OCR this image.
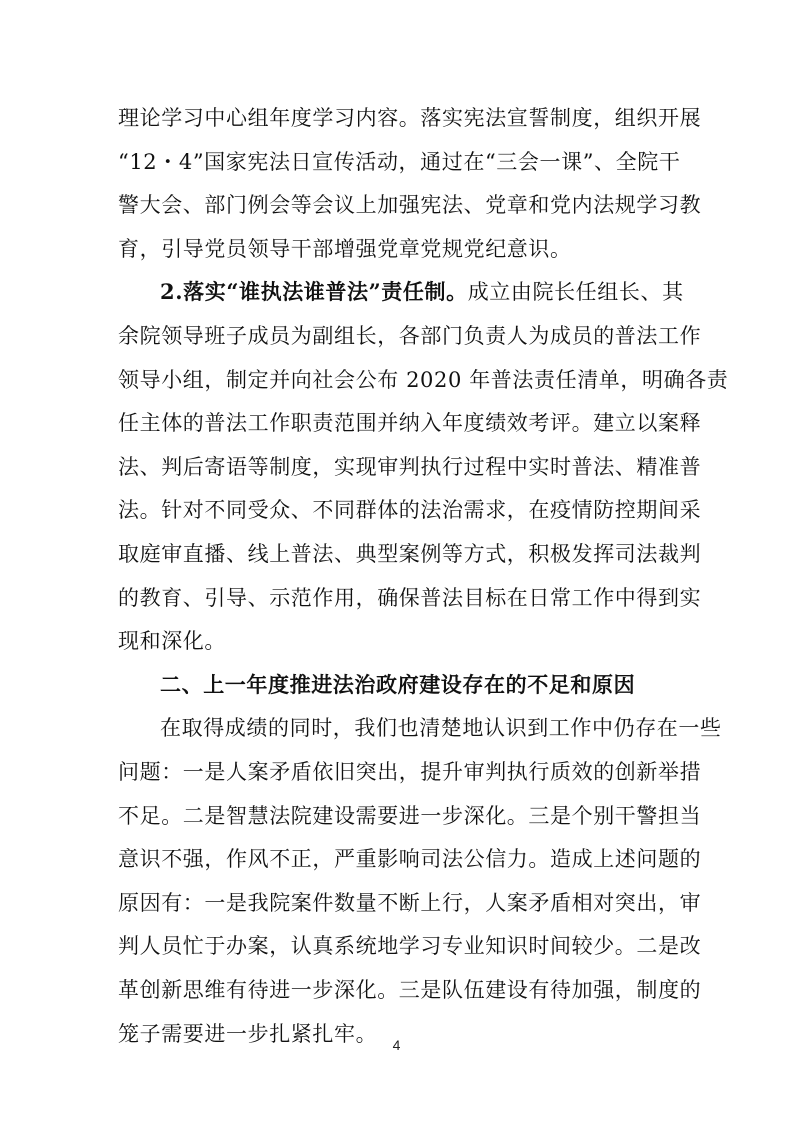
理论学习中心组年度学习内容。落实宪法宣誓制度，组织开展
“12・4”国家宪法日宣传活动，通过在“三会一课”、全院干
警大会、部门例会等会议上加强宪法、党章和党内法规学习教
育，引导党员领导干部增强党章党规党纪意识。
2.落实“谁执法谁普法”责任制。成立由院长任组长、其
余院领导班子成员为副组长，各部门负责人为成员的普法工作
领导小组，制定并向社会公布 2020 年普法责任清单，明确各责
任主体的普法工作职责范围并纳入年度绩效考评。建立以案释
法、判后寄语等制度，实现审判执行过程中实时普法、精准普
法。针对不同受众、不同群体的法治需求，在疫情防控期间采
取庭审直播、线上普法、典型案例等方式，积极发挥司法裁判
的教育、引导、示范作用，确保普法目标在日常工作中得到实
现和深化。
二、上一年度推进法治政府建设存在的不足和原因
在取得成绩的同时，我们也清楚地认识到工作中仍存在一些
问题：一是人案矛盾依旧突出，提升审判执行质效的创新举措
不足。二是智慧法院建设需要进一步深化。三是个别干警担当
意识不强，作风不正，严重影响司法公信力。造成上述问题的
原因有：一是我院案件数量不断上行，人案矛盾相对突出，审
判人员忙于办案，认真系统地学习专业知识时间较少。二是改
革创新思维有待进一步深化。三是队伍建设有待加强，制度的
笼子需要进一步扎紧扎牢。	4
